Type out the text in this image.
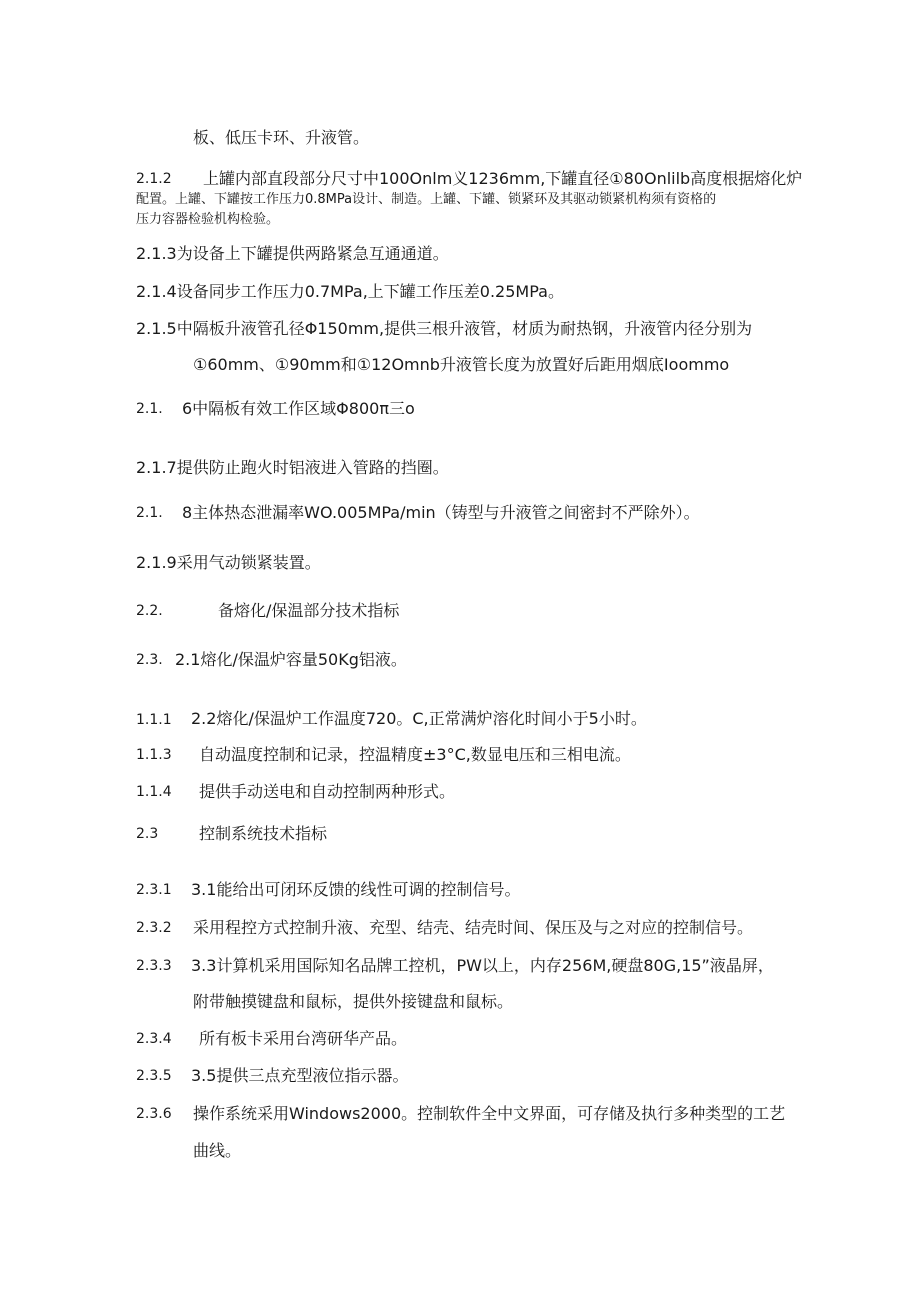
板、低压卡环、升液管。
2.1.2 上罐内部直段部分尺寸中100Onlm义1236mm,下罐直径①80Onlilb高度根据熔化炉
配置。上罐、下罐按工作压力0.8MPa设计、制造。上罐、下罐、锁紧环及其驱动锁紧机构须有资格的
压力容器检验机构检验。
2.1.3为设备上下罐提供两路紧急互通通道。
2.1.4设备同步工作压力0.7MPa,上下罐工作压差0.25MPa。
2.1.5中隔板升液管孔径Φ150mm,提供三根升液管，材质为耐热钢，升液管内径分别为
①60mm、①90mm和①12Omnb升液管长度为放置好后距用烟底Ioommo
2.1. 6中隔板有效工作区域Φ800π三o
2.1.7提供防止跑火时铝液进入管路的挡圈。
2.1. 8主体热态泄漏率WO.005MPa∕min（铸型与升液管之间密封不严除外）。
2.1.9采用气动锁紧装置。
2.2.	备熔化/保温部分技术指标
2.3. 2.1熔化/保温炉容量50Kg铝液。
1.1.1 2.2熔化/保温炉工作温度720。C,正常满炉溶化时间小于5小时。
1.1.3 自动温度控制和记录，控温精度±3°C,数显电压和三相电流。
1.1.4 提供手动送电和自动控制两种形式。
2.3	控制系统技术指标
2.3.1 3.1能给出可闭环反馈的线性可调的控制信号。
2.3.2 采用程控方式控制升液、充型、结壳、结壳时间、保压及与之对应的控制信号。
2.3.3 3.3计算机采用国际知名品牌工控机，PW以上，内存256M,硬盘80G,15”液晶屏，
附带触摸键盘和鼠标，提供外接键盘和鼠标。
2.3.4 所有板卡采用台湾研华产品。
2.3.5 3.5提供三点充型液位指示器。
2.3.6 操作系统采用Windows2000。控制软件全中文界面，可存储及执行多种类型的工艺
曲线。
